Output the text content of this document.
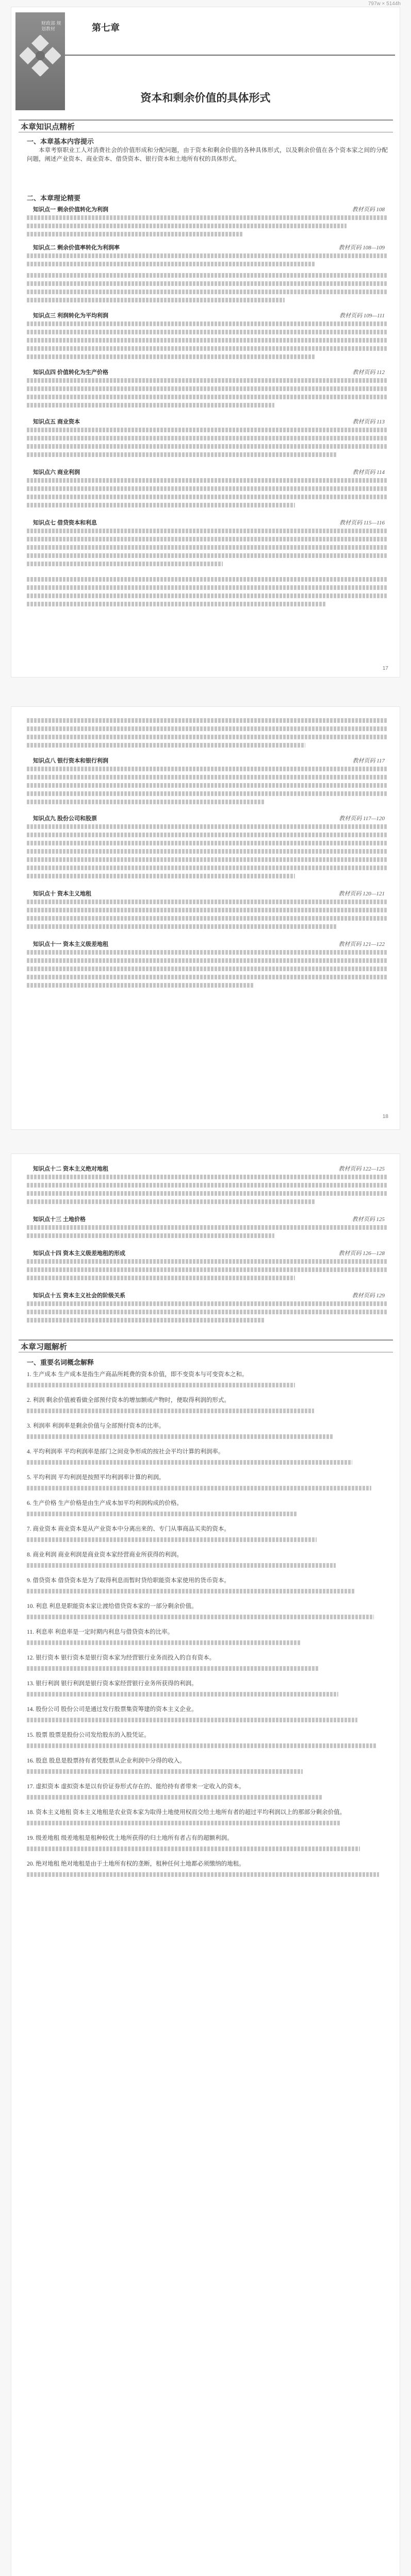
797w × 5144h
财政部 规划教材	第七章
资本和剩余价值的具体形式
本章知识点精析
一、本章基本内容提示
本章考察职业工人对消费社会的价值形成和分配问题，由于资本和剩余价值的各种具体形式，以及剩余价值在各个资本家之间的分配问题，阐述产业资本、商业资本、借贷资本、银行资本和土地所有权的具体形式。
二、本章理论精要
知识点一 剩余价值转化为利润	教材页码 108
知识点二 剩余价值率转化为利润率	教材页码 108—109
知识点三 利润转化为平均利润	教材页码 109—111
知识点四 价值转化为生产价格	教材页码 112
知识点五 商业资本	教材页码 113
知识点六 商业利润	教材页码 114
知识点七 借贷资本和利息	教材页码 115—116
17
知识点八 银行资本和银行利润	教材页码 117
知识点九 股份公司和股票	教材页码 117—120
知识点十 资本主义地租	教材页码 120—121
知识点十一 资本主义级差地租	教材页码 121—122
18
知识点十二 资本主义绝对地租	教材页码 122—125
知识点十三 土地价格	教材页码 125
知识点十四 资本主义级差地租的形成	教材页码 126—128
知识点十五 资本主义社会的阶级关系	教材页码 129
本章习题解析
一、重要名词概念解释
1. 生产成本 生产成本是指生产商品所耗费的资本价值，即不变资本与可变资本之和。
2. 利润 剩余价值被看做全部预付资本的增加额或产物时，便取得利润的形式。
3. 利润率 利润率是剩余价值与全部预付资本的比率。
4. 平均利润率 平均利润率是部门之间竞争形成的按社会平均计算的利润率。
5. 平均利润 平均利润是按照平均利润率计算的利润。
6. 生产价格 生产价格是由生产成本加平均利润构成的价格。
7. 商业资本 商业资本是从产业资本中分离出来的、专门从事商品买卖的资本。
8. 商业利润 商业利润是商业资本家经营商业所获得的利润。
9. 借贷资本 借贷资本是为了取得利息而暂时贷给职能资本家使用的货币资本。
10. 利息 利息是职能资本家让渡给借贷资本家的一部分剩余价值。
11. 利息率 利息率是一定时期内利息与借贷资本的比率。
12. 银行资本 银行资本是银行资本家为经营银行业务而投入的自有资本。
13. 银行利润 银行利润是银行资本家经营银行业务所获得的利润。
14. 股份公司 股份公司是通过发行股票集资筹建的资本主义企业。
15. 股票 股票是股份公司发给股东的入股凭证。
16. 股息 股息是股票持有者凭股票从企业利润中分得的收入。
17. 虚拟资本 虚拟资本是以有价证券形式存在的、能给持有者带来一定收入的资本。
18. 资本主义地租 资本主义地租是农业资本家为取得土地使用权而交给土地所有者的超过平均利润以上的那部分剩余价值。
19. 级差地租 级差地租是租种较优土地所获得的归土地所有者占有的超额利润。
20. 绝对地租 绝对地租是由于土地所有权的垄断，租种任何土地都必须缴纳的地租。
